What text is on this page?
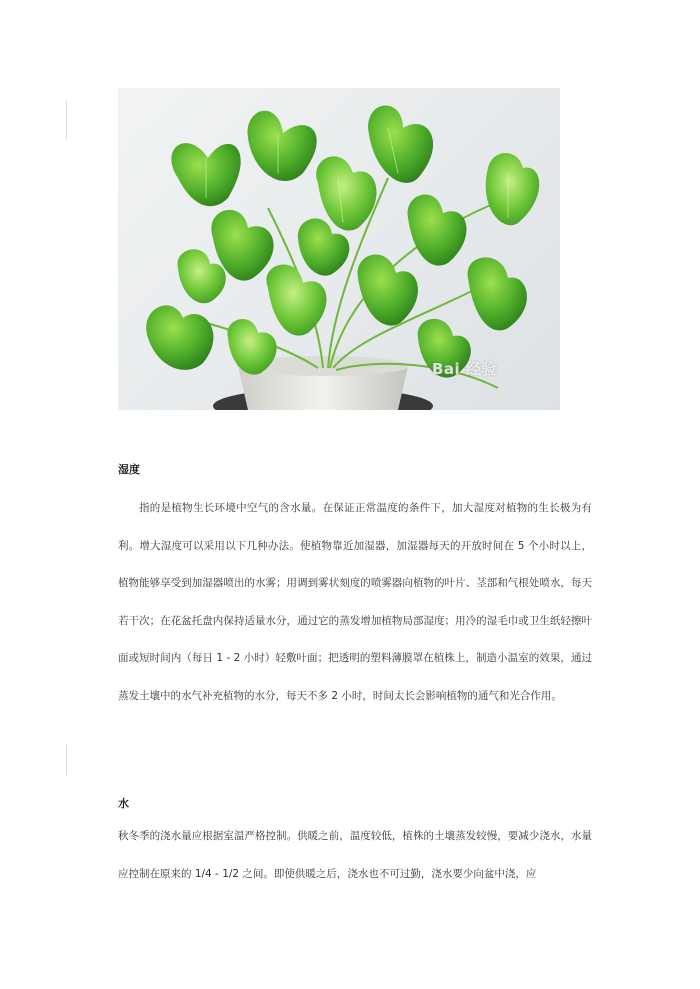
Bai 经验
湿度
指的是植物生长环境中空气的含水量。在保证正常温度的条件下，加大湿度对植物的生长极为有利。增大湿度可以采用以下几种办法。使植物靠近加湿器，加湿器每天的开放时间在 5 个小时以上，植物能够享受到加湿器喷出的水雾；用调到雾状刻度的喷雾器向植物的叶片、茎部和气根处喷水，每天若干次；在花盆托盘内保持适量水分，通过它的蒸发增加植物局部湿度；用冷的湿毛巾或卫生纸轻擦叶面或短时间内（每日 1 - 2 小时）轻敷叶面；把透明的塑料薄膜罩在植株上，制造小温室的效果，通过蒸发土壤中的水气补充植物的水分，每天不多 2 小时，时间太长会影响植物的通气和光合作用。
水
秋冬季的浇水量应根据室温严格控制。供暖之前，温度较低，植株的土壤蒸发较慢，要减少浇水，水量应控制在原来的 1/4 - 1/2 之间。即使供暖之后，浇水也不可过勤，浇水要少向盆中浇，应
